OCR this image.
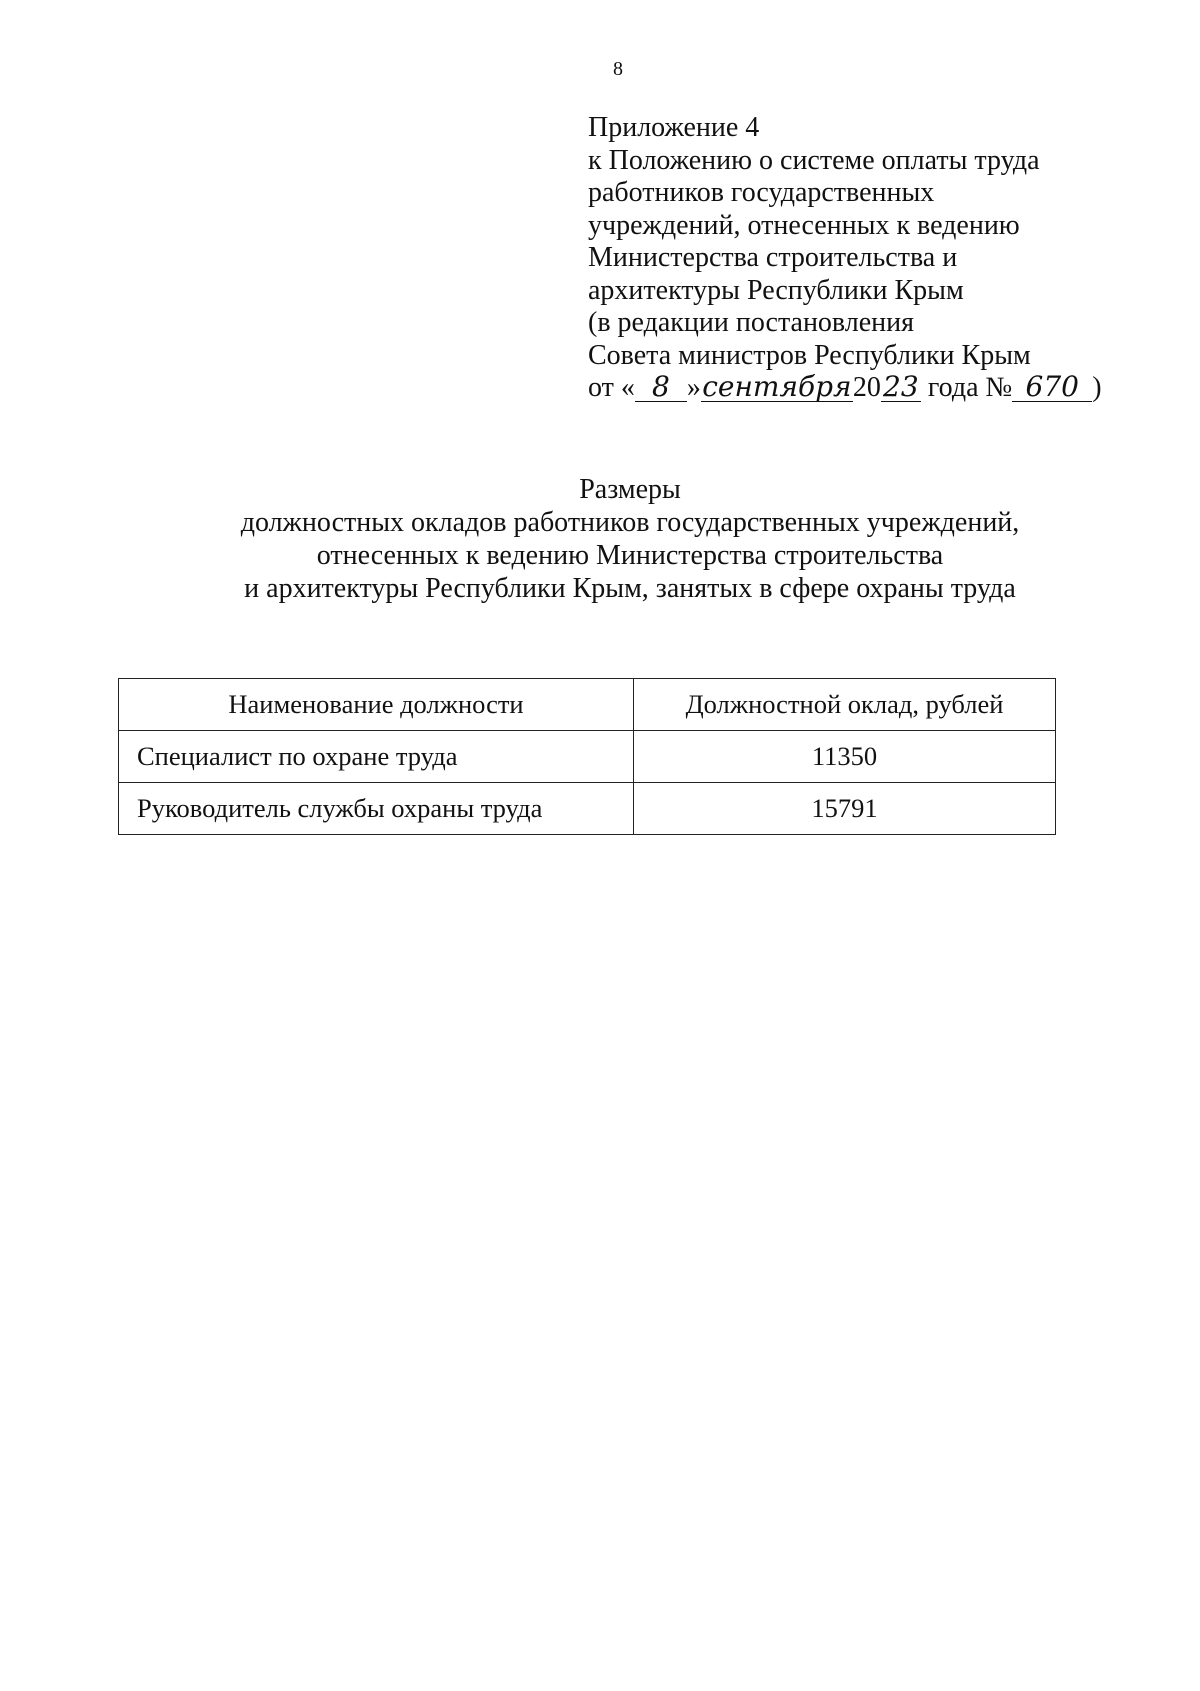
8
Приложение 4
к Положению о системе оплаты труда
работников государственных
учреждений, отнесенных к ведению
Министерства строительства и
архитектуры Республики Крым
(в редакции постановления
Совета министров Республики Крым
от « 8 »сентября2023 года № 670 )
Размеры
должностных окладов работников государственных учреждений,
отнесенных к ведению Министерства строительства
и архитектуры Республики Крым, занятых в сфере охраны труда
Наименование должности	Должностной оклад, рублей
Специалист по охране труда	11350
Руководитель службы охраны труда	15791
